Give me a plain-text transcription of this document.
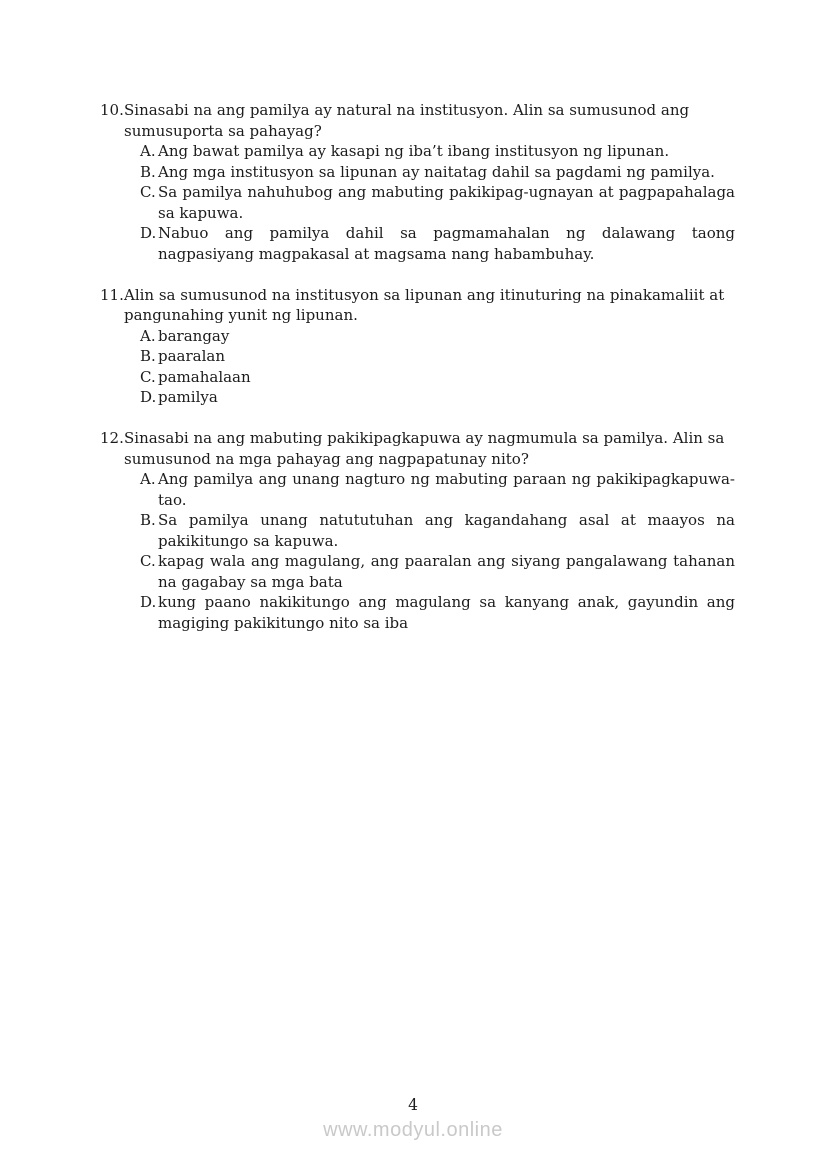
10. Sinasabi na ang pamilya ay natural na institusyon. Alin sa sumusunod ang sumusuporta sa pahayag?

A. Ang bawat pamilya ay kasapi ng iba’t ibang institusyon ng lipunan.

B. Ang mga institusyon sa lipunan ay naitatag dahil sa pagdami ng pamilya.

C. Sa pamilya nahuhubog ang mabuting pakikipag-ugnayan at pagpapahalaga sa kapuwa.

D. Nabuo ang pamilya dahil sa pagmamahalan ng dalawang taong nagpasiyang magpakasal at magsama nang habambuhay.

11. Alin sa sumusunod na institusyon sa lipunan ang itinuturing na pinakamaliit at pangunahing yunit ng lipunan.

A. barangay

B. paaralan

C. pamahalaan

D. pamilya

12. Sinasabi na ang mabuting pakikipagkapuwa ay nagmumula sa pamilya. Alin sa sumusunod na mga pahayag ang nagpapatunay nito?

A. Ang pamilya ang unang nagturo ng mabuting paraan ng pakikipagkapuwa-tao.

B. Sa pamilya unang natututuhan ang kagandahang asal at maayos na pakikitungo sa kapuwa.

C. kapag wala ang magulang, ang paaralan ang siyang pangalawang tahanan na gagabay sa mga bata

D. kung paano nakikitungo ang magulang sa kanyang anak, gayundin ang magiging pakikitungo nito sa iba

4
www.modyul.online
